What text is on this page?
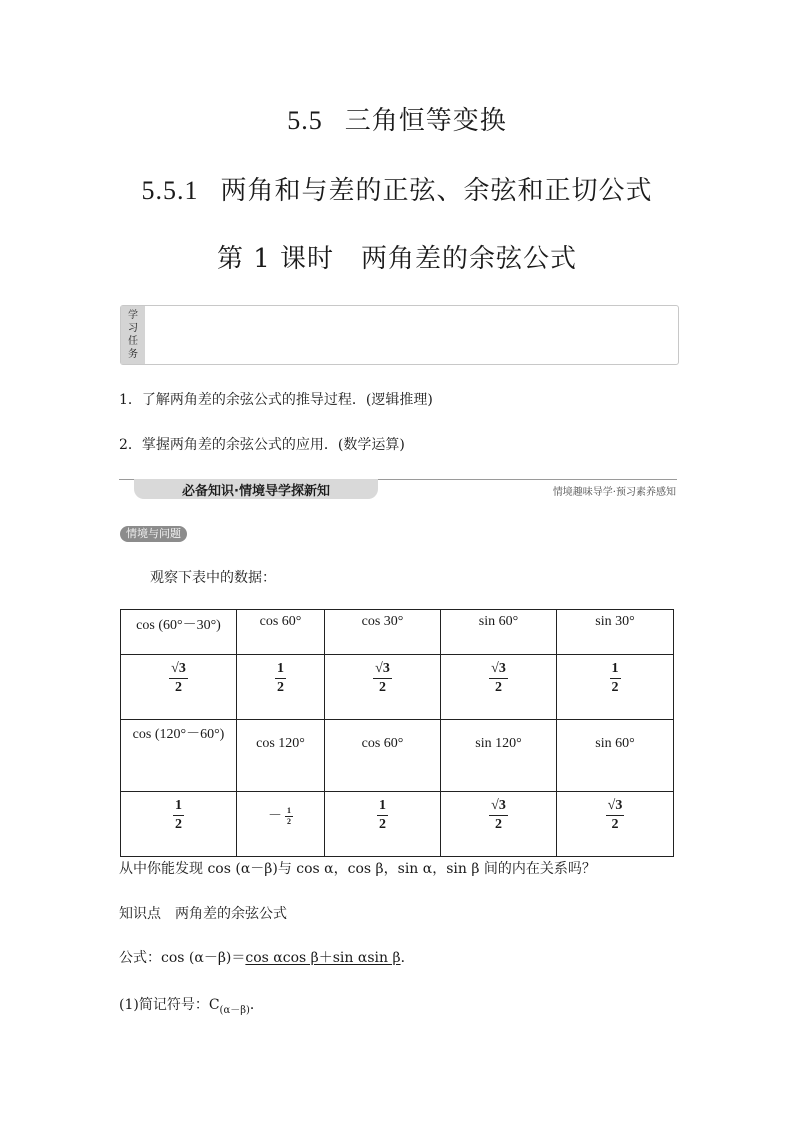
5.5 三角恒等变换
5.5.1 两角和与差的正弦、余弦和正切公式
第 1 课时　两角差的余弦公式
学
习
任
务
1．了解两角差的余弦公式的推导过程．(逻辑推理)
2．掌握两角差的余弦公式的应用．(数学运算)
必备知识·情境导学探新知	情境趣味导学·预习素养感知
情境与问题
观察下表中的数据：
cos (60°－30°)	cos 60°	cos 30°	sin 60°	sin 30°

$\frac{√3}{2}$	$\frac{1}{2}$	$\frac{√3}{2}$	$\frac{√3}{2}$	$\frac{1}{2}$

cos (120°－60°)	cos 120°	cos 60°	sin 120°	sin 60°

$\frac{1}{2}$	－ $\frac{1}{2}$	$\frac{1}{2}$	$\frac{√3}{2}$	$\frac{√3}{2}$
从中你能发现 cos (α－β)与 cos α，cos β，sin α，sin β 间的内在关系吗？
知识点　两角差的余弦公式
公式：cos (α－β)＝cos αcos β＋sin αsin β．
(1)简记符号：$C_{(\alpha-\beta)}$．
